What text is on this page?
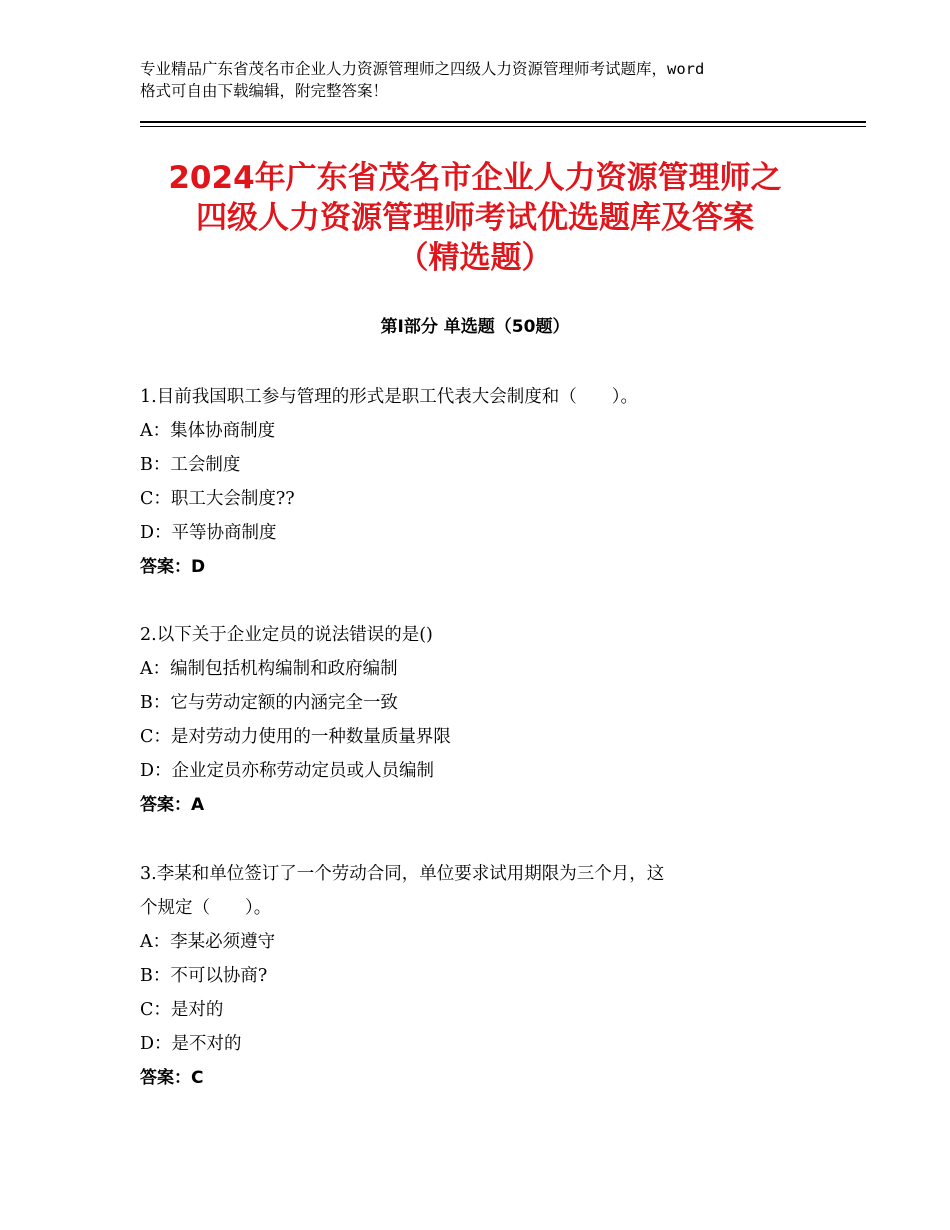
专业精品广东省茂名市企业人力资源管理师之四级人力资源管理师考试题库，word
格式可自由下载编辑，附完整答案！
2024年广东省茂名市企业人力资源管理师之
四级人力资源管理师考试优选题库及答案
（精选题）
第Ⅰ部分 单选题（50题）
1.目前我国职工参与管理的形式是职工代表大会制度和（　　）。
A：集体协商制度
B：工会制度
C：职工大会制度??
D：平等协商制度
答案：D
2.以下关于企业定员的说法错误的是()
A：编制包括机构编制和政府编制
B：它与劳动定额的内涵完全一致
C：是对劳动力使用的一种数量质量界限
D：企业定员亦称劳动定员或人员编制
答案：A
3.李某和单位签订了一个劳动合同，单位要求试用期限为三个月，这
个规定（　　）。
A：李某必须遵守
B：不可以协商?
C：是对的
D：是不对的
答案：C
